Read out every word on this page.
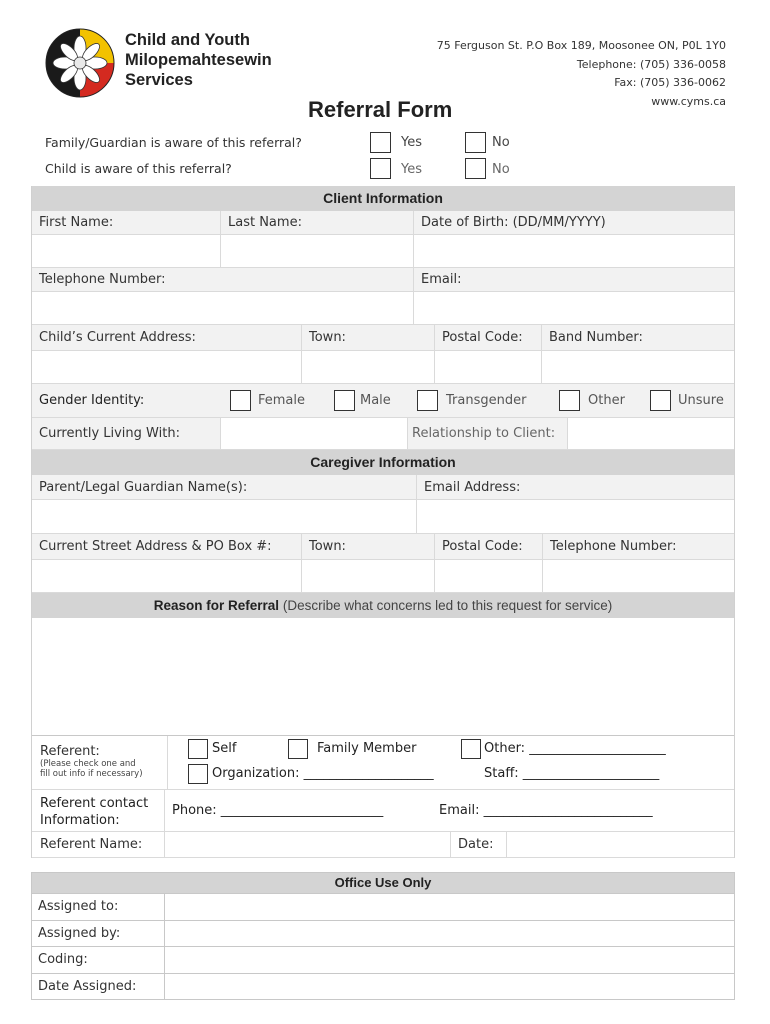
Child and Youth
Milopemahtesewin
Services
75 Ferguson St. P.O Box 189, Moosonee ON, P0L 1Y0
Telephone: (705) 336-0058
Fax: (705) 336-0062
www.cyms.ca
Referral Form
Family/Guardian is aware of this referral?	Yes	No
Child is aware of this referral?	Yes	No
Client Information
First Name:	Last Name:	Date of Birth: (DD/MM/YYYY)
Telephone Number:	Email:
Child’s Current Address:	Town:	Postal Code:	Band Number:
Gender Identity:	Female	Male	Transgender	Other	Unsure
Currently Living With:	Relationship to Client:
Caregiver Information
Parent/Legal Guardian Name(s):	Email Address:
Current Street Address & PO Box #:	Town:	Postal Code:	Telephone Number:
Reason for Referral (Describe what concerns led to this request for service)
Referent:
(Please check one and
fill out info if necessary)
Self	Family Member	Other: _____________________
Organization: ____________________	Staff: _____________________
Referent contact
Information:
Phone: _________________________	Email: __________________________
Referent Name:	Date:
Office Use Only
Assigned to:
Assigned by:
Coding:
Date Assigned:
